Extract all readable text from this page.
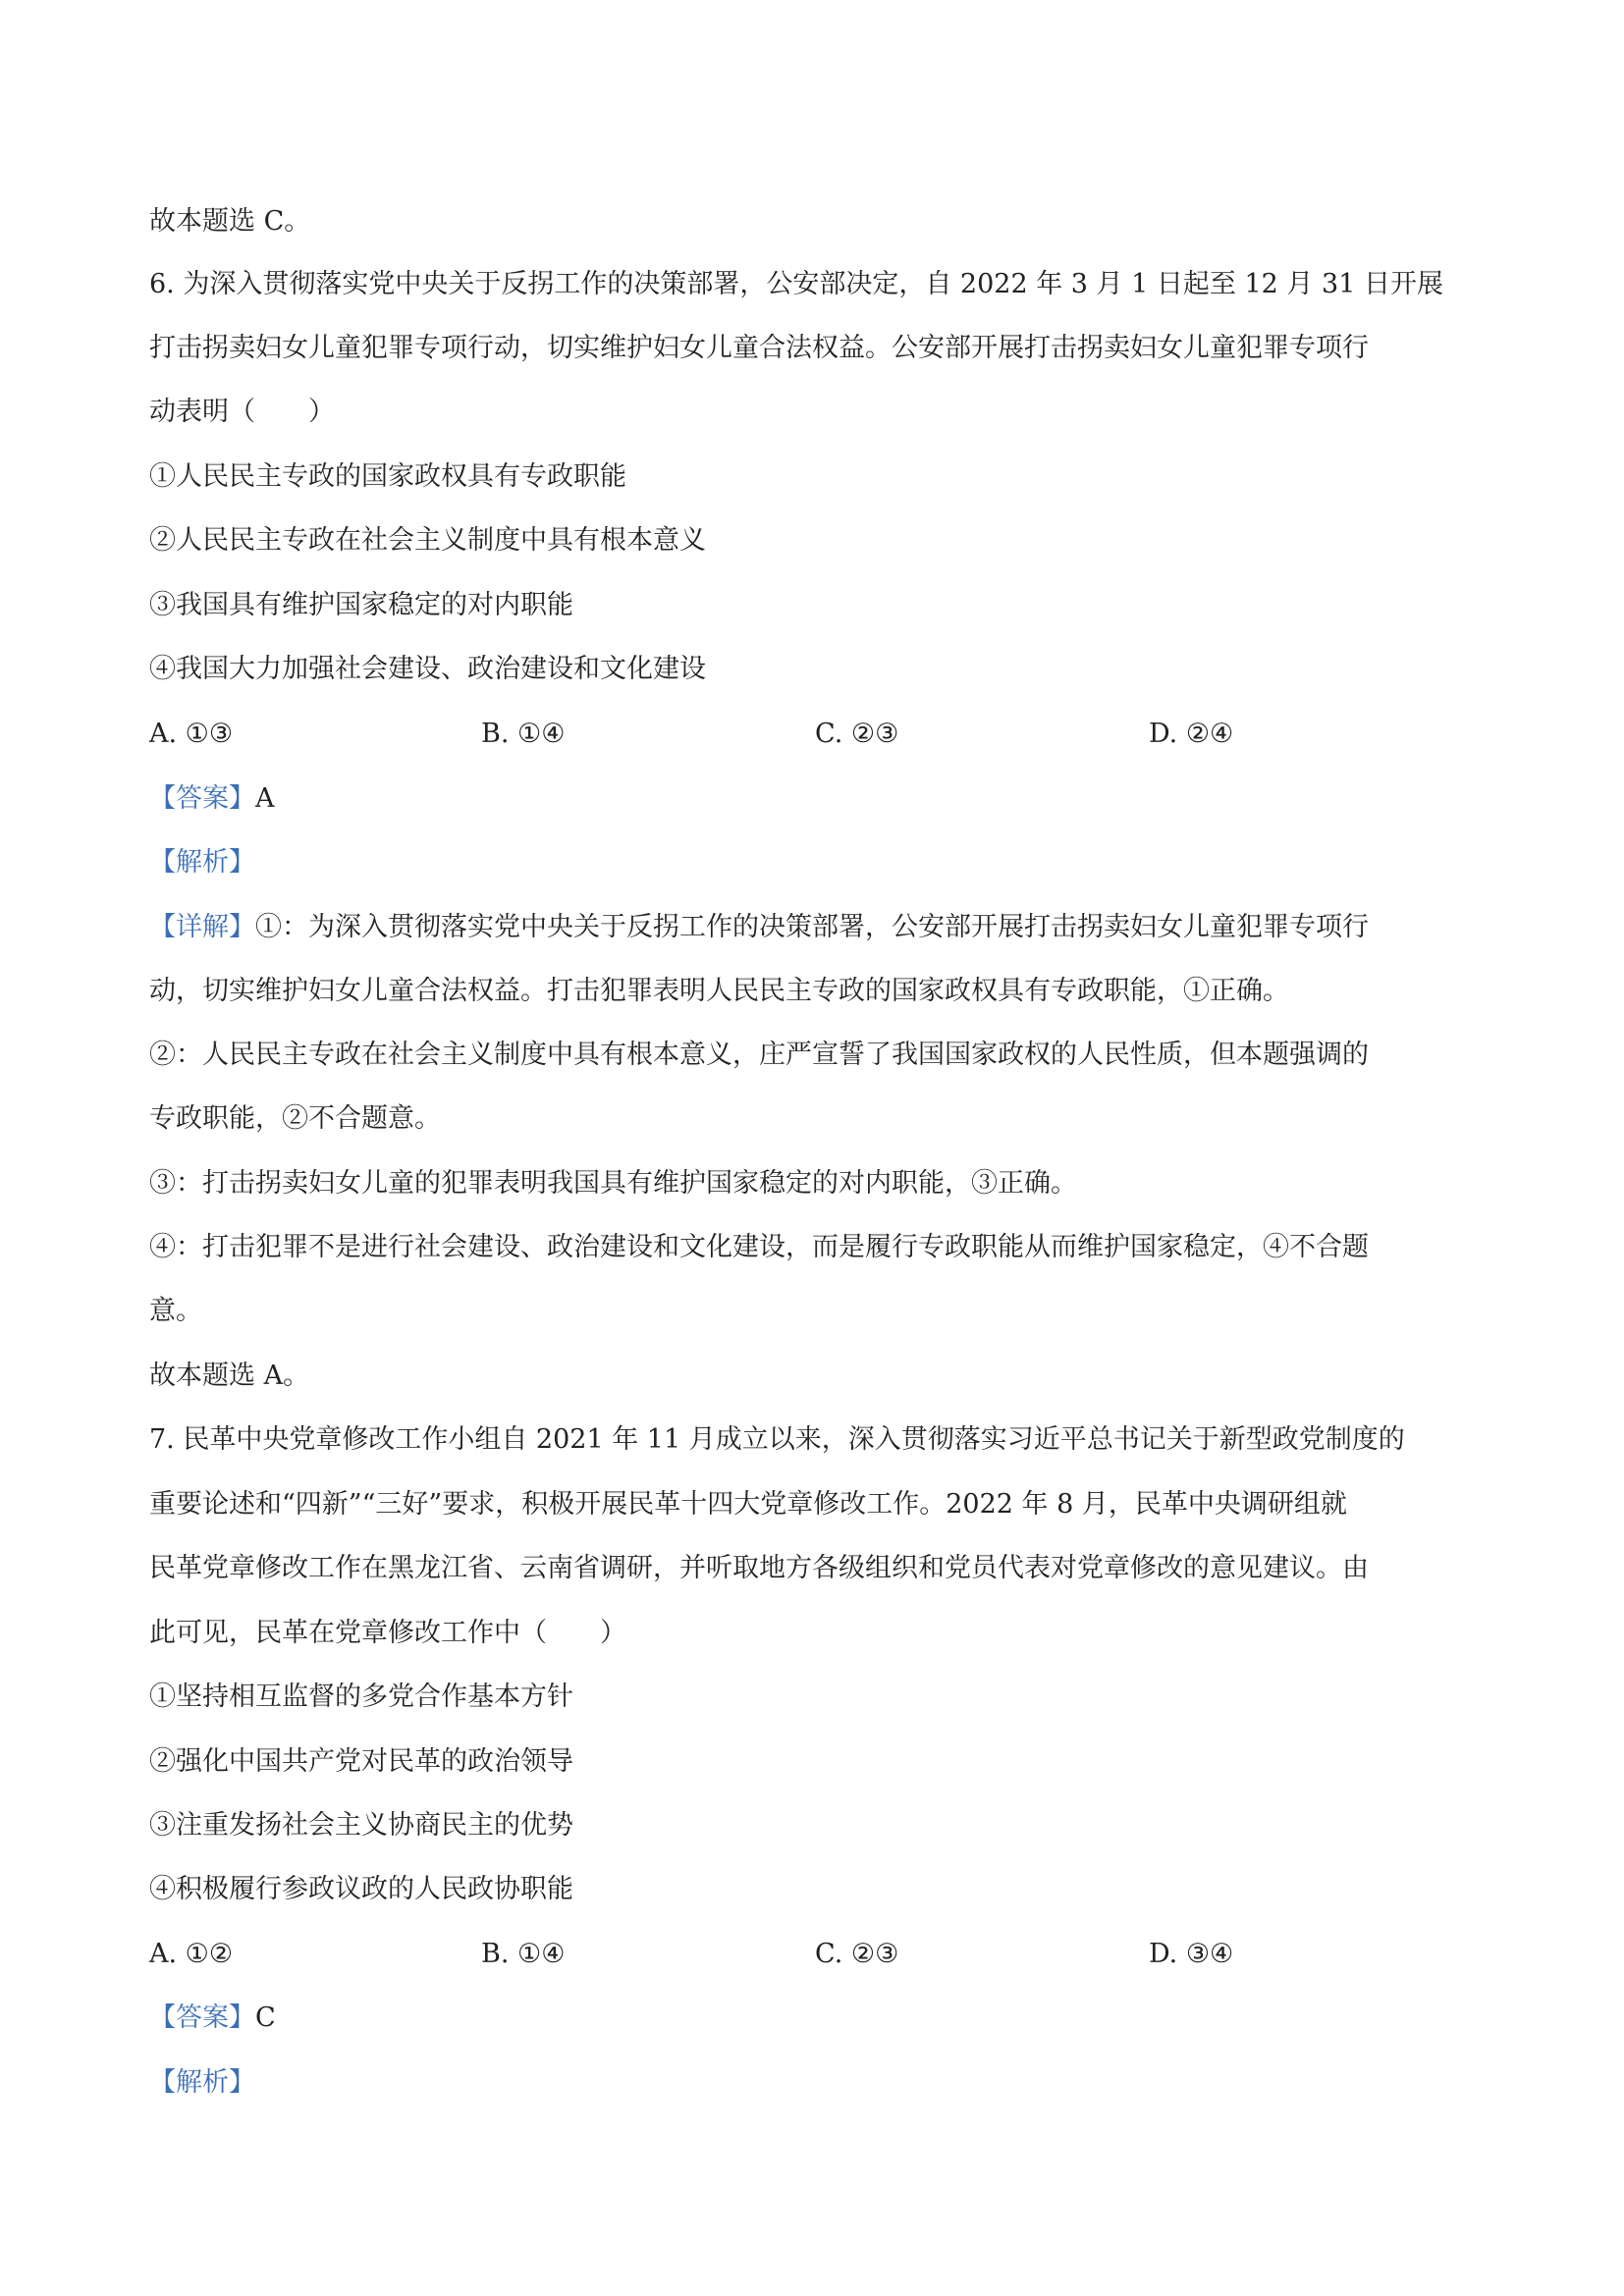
故本题选 C。
6. 为深入贯彻落实党中央关于反拐工作的决策部署，公安部决定，自 2022 年 3 月 1 日起至 12 月 31 日开展
打击拐卖妇女儿童犯罪专项行动，切实维护妇女儿童合法权益。公安部开展打击拐卖妇女儿童犯罪专项行
动表明（　　）
①人民民主专政的国家政权具有专政职能
②人民民主专政在社会主义制度中具有根本意义
③我国具有维护国家稳定的对内职能
④我国大力加强社会建设、政治建设和文化建设
A. ①③	B. ①④	C. ②③	D. ②④
【答案】A
【解析】
【详解】①：为深入贯彻落实党中央关于反拐工作的决策部署，公安部开展打击拐卖妇女儿童犯罪专项行
动，切实维护妇女儿童合法权益。打击犯罪表明人民民主专政的国家政权具有专政职能，①正确。
②：人民民主专政在社会主义制度中具有根本意义，庄严宣誓了我国国家政权的人民性质，但本题强调的
专政职能，②不合题意。
③：打击拐卖妇女儿童的犯罪表明我国具有维护国家稳定的对内职能，③正确。
④：打击犯罪不是进行社会建设、政治建设和文化建设，而是履行专政职能从而维护国家稳定，④不合题
意。
故本题选 A。
7. 民革中央党章修改工作小组自 2021 年 11 月成立以来，深入贯彻落实习近平总书记关于新型政党制度的
重要论述和“四新”“三好”要求，积极开展民革十四大党章修改工作。2022 年 8 月，民革中央调研组就
民革党章修改工作在黑龙江省、云南省调研，并听取地方各级组织和党员代表对党章修改的意见建议。由
此可见，民革在党章修改工作中（　　）
①坚持相互监督的多党合作基本方针
②强化中国共产党对民革的政治领导
③注重发扬社会主义协商民主的优势
④积极履行参政议政的人民政协职能
A. ①②	B. ①④	C. ②③	D. ③④
【答案】C
【解析】
